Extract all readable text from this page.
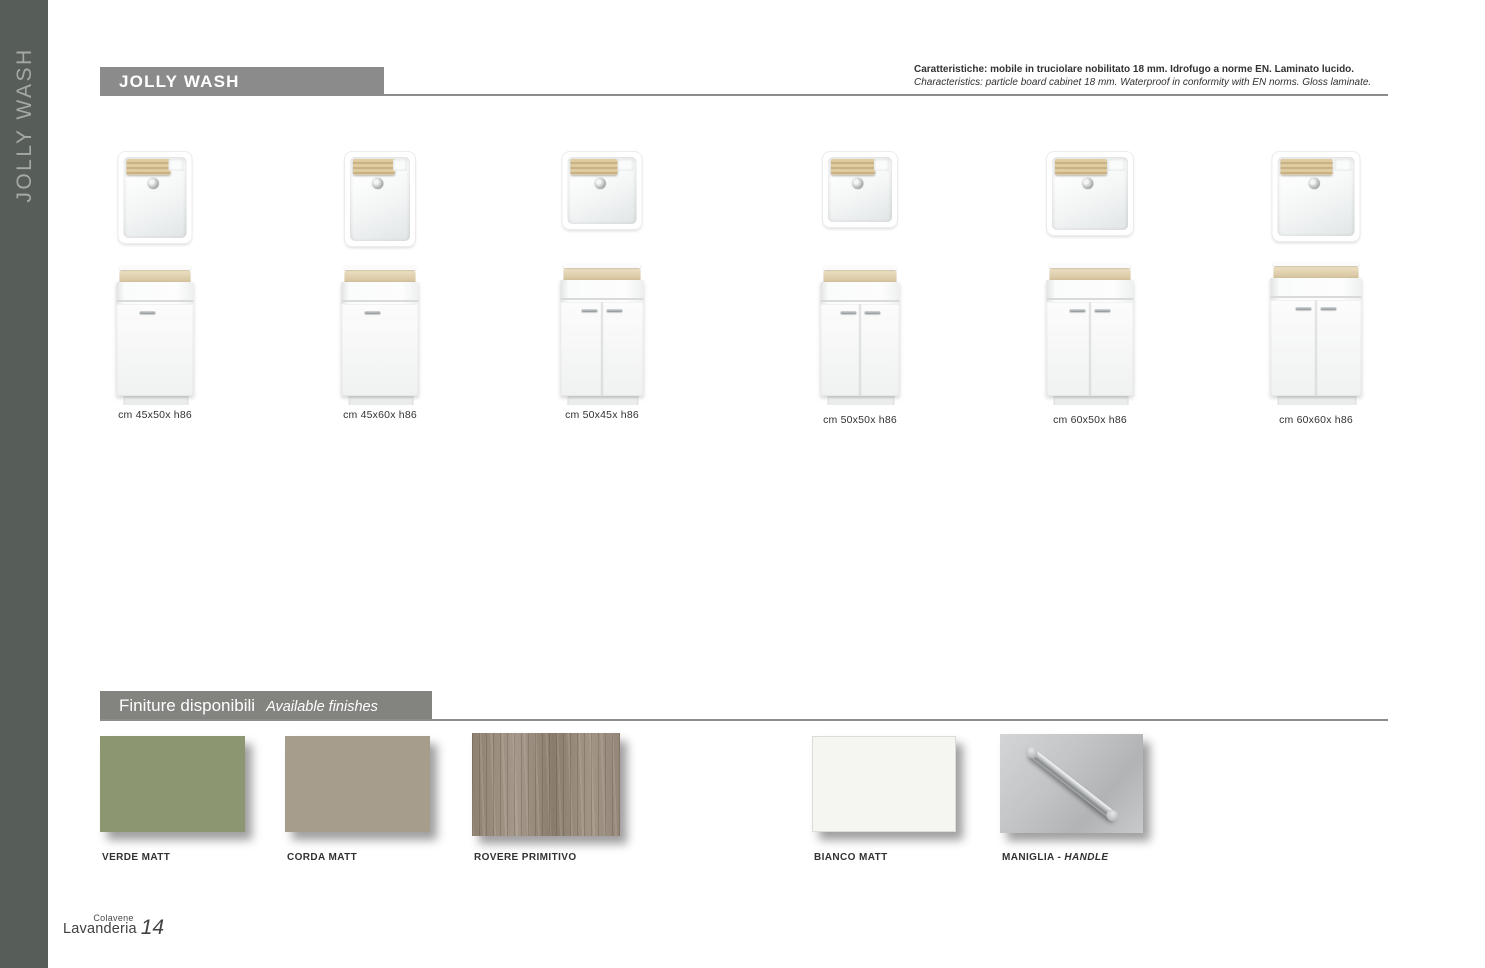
JOLLY WASH	JOLLY WASH
Caratteristiche: mobile in truciolare nobilitato 18 mm. Idrofugo a norme EN. Laminato lucido.
Characteristics: particle board cabinet 18 mm. Waterproof in conformity with EN norms. Gloss laminate.
cm 45x50x h86	cm 45x60x h86	cm 50x45x h86	cm 50x50x h86	cm 60x50x h86	cm 60x60x h86
Finiture disponibili Available finishes
VERDE MATT	CORDA MATT	ROVERE PRIMITIVO	BIANCO MATT	MANIGLIA - HANDLE
Colavene
Lavanderia 14
